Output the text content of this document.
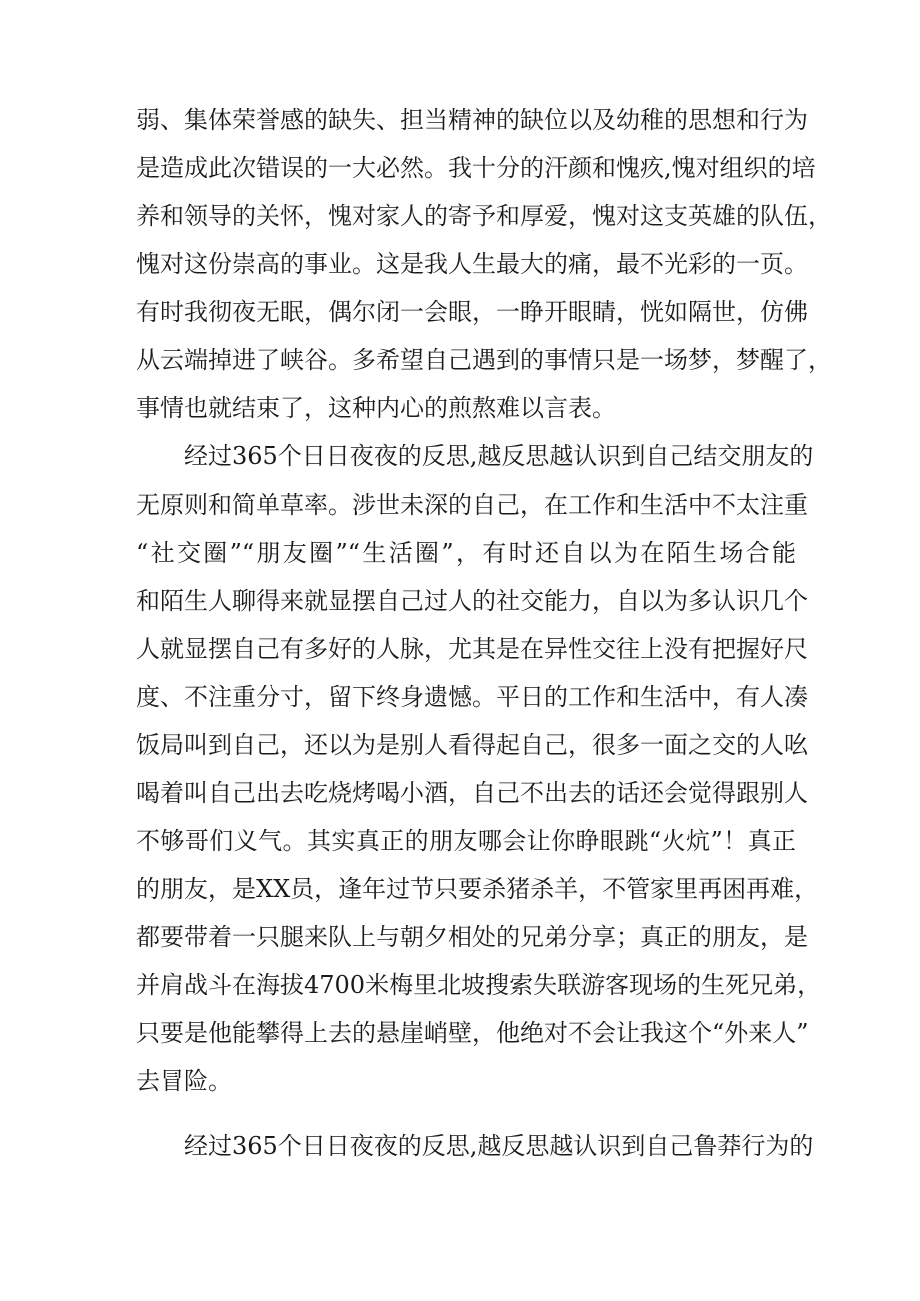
弱、集体荣誉感的缺失、担当精神的缺位以及幼稚的思想和行为
是造成此次错误的一大必然。我十分的汗颜和愧疚,愧对组织的培
养和领导的关怀，愧对家人的寄予和厚爱，愧对这支英雄的队伍，
愧对这份崇高的事业。这是我人生最大的痛，最不光彩的一页。
有时我彻夜无眠，偶尔闭一会眼，一睁开眼睛，恍如隔世，仿佛
从云端掉进了峡谷。多希望自己遇到的事情只是一场梦，梦醒了，
事情也就结束了，这种内心的煎熬难以言表。
经过365个日日夜夜的反思,越反思越认识到自己结交朋友的
无原则和简单草率。涉世未深的自己，在工作和生活中不太注重
“社交圈”“朋友圈”“生活圈”，有时还自以为在陌生场合能
和陌生人聊得来就显摆自己过人的社交能力，自以为多认识几个
人就显摆自己有多好的人脉，尤其是在异性交往上没有把握好尺
度、不注重分寸，留下终身遗憾。平日的工作和生活中，有人凑
饭局叫到自己，还以为是别人看得起自己，很多一面之交的人吆
喝着叫自己出去吃烧烤喝小酒，自己不出去的话还会觉得跟别人
不够哥们义气。其实真正的朋友哪会让你睁眼跳“火炕”！真正
的朋友，是XX员，逢年过节只要杀猪杀羊，不管家里再困再难，
都要带着一只腿来队上与朝夕相处的兄弟分享；真正的朋友，是
并肩战斗在海拔4700米梅里北坡搜索失联游客现场的生死兄弟，
只要是他能攀得上去的悬崖峭壁，他绝对不会让我这个“外来人”
去冒险。
经过365个日日夜夜的反思,越反思越认识到自己鲁莽行为的
